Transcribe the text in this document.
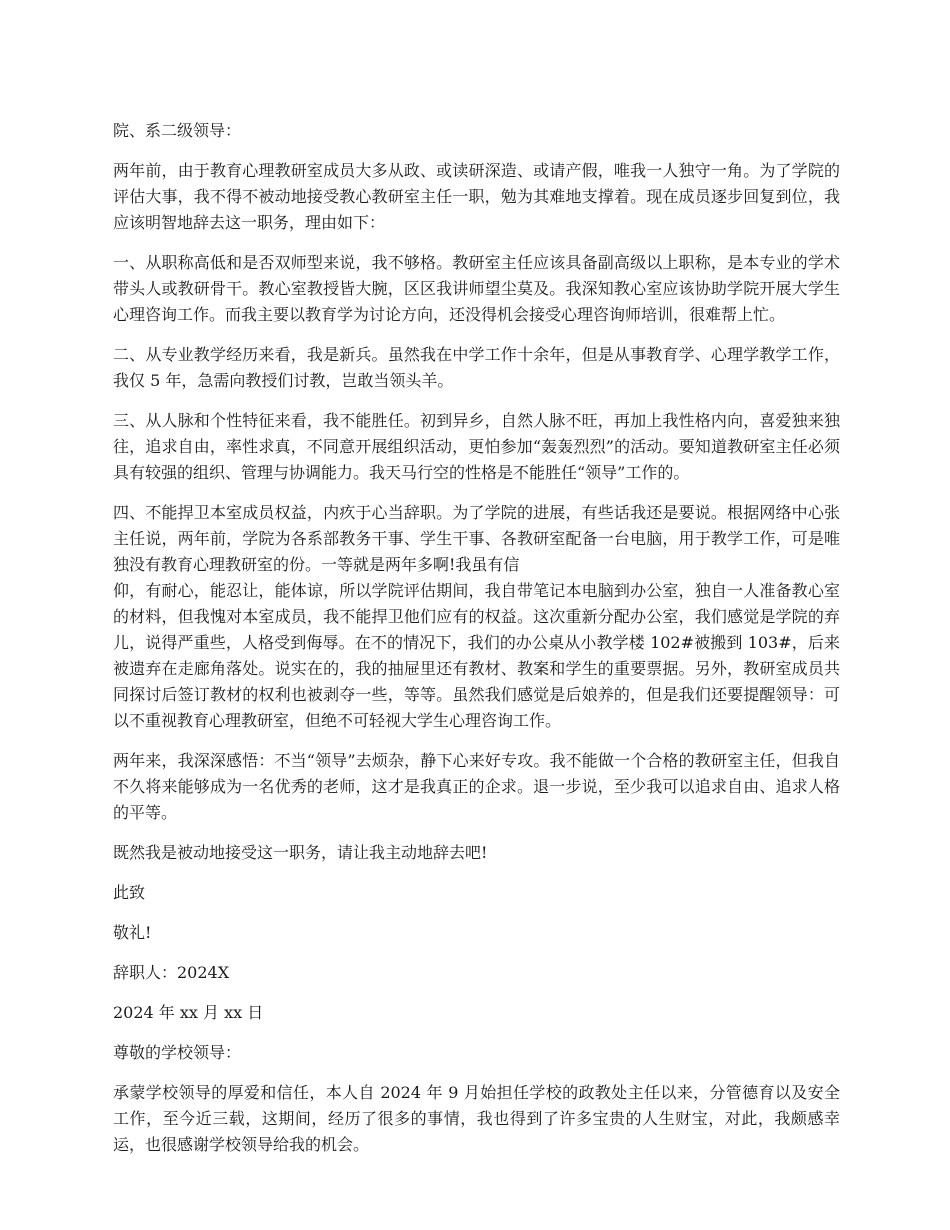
院、系二级领导：

两年前，由于教育心理教研室成员大多从政、或读研深造、或请产假，唯我一人独守一角。为了学院的评估大事，我不得不被动地接受教心教研室主任一职，勉为其难地支撑着。现在成员逐步回复到位，我应该明智地辞去这一职务，理由如下：

一、从职称高低和是否双师型来说，我不够格。教研室主任应该具备副高级以上职称，是本专业的学术带头人或教研骨干。教心室教授皆大腕，区区我讲师望尘莫及。我深知教心室应该协助学院开展大学生心理咨询工作。而我主要以教育学为讨论方向，还没得机会接受心理咨询师培训，很难帮上忙。

二、从专业教学经历来看，我是新兵。虽然我在中学工作十余年，但是从事教育学、心理学教学工作，我仅 5 年，急需向教授们讨教，岂敢当领头羊。

三、从人脉和个性特征来看，我不能胜任。初到异乡，自然人脉不旺，再加上我性格内向，喜爱独来独往，追求自由，率性求真，不同意开展组织活动，更怕参加“轰轰烈烈”的活动。要知道教研室主任必须具有较强的组织、管理与协调能力。我天马行空的性格是不能胜任“领导”工作的。

四、不能捍卫本室成员权益，内疚于心当辞职。为了学院的进展，有些话我还是要说。根据网络中心张主任说，两年前，学院为各系部教务干事、学生干事、各教研室配备一台电脑，用于教学工作，可是唯独没有教育心理教研室的份。一等就是两年多啊!我虽有信
仰，有耐心，能忍让，能体谅，所以学院评估期间，我自带笔记本电脑到办公室，独自一人准备教心室的材料，但我愧对本室成员，我不能捍卫他们应有的权益。这次重新分配办公室，我们感觉是学院的弃儿，说得严重些，人格受到侮辱。在不的情况下，我们的办公桌从小教学楼 102#被搬到 103#，后来被遗弃在走廊角落处。说实在的，我的抽屉里还有教材、教案和学生的重要票据。另外，教研室成员共同探讨后签订教材的权利也被剥夺一些，等等。虽然我们感觉是后娘养的，但是我们还要提醒领导：可以不重视教育心理教研室，但绝不可轻视大学生心理咨询工作。

两年来，我深深感悟：不当“领导”去烦杂，静下心来好专攻。我不能做一个合格的教研室主任，但我自不久将来能够成为一名优秀的老师，这才是我真正的企求。退一步说，至少我可以追求自由、追求人格的平等。

既然我是被动地接受这一职务，请让我主动地辞去吧!

此致

敬礼!

辞职人：2024X

2024 年 xx 月 xx 日

尊敬的学校领导：

承蒙学校领导的厚爱和信任，本人自 2024 年 9 月始担任学校的政教处主任以来，分管德育以及安全工作，至今近三载，这期间，经历了很多的事情，我也得到了许多宝贵的人生财宝，对此，我颇感幸运，也很感谢学校领导给我的机会。
